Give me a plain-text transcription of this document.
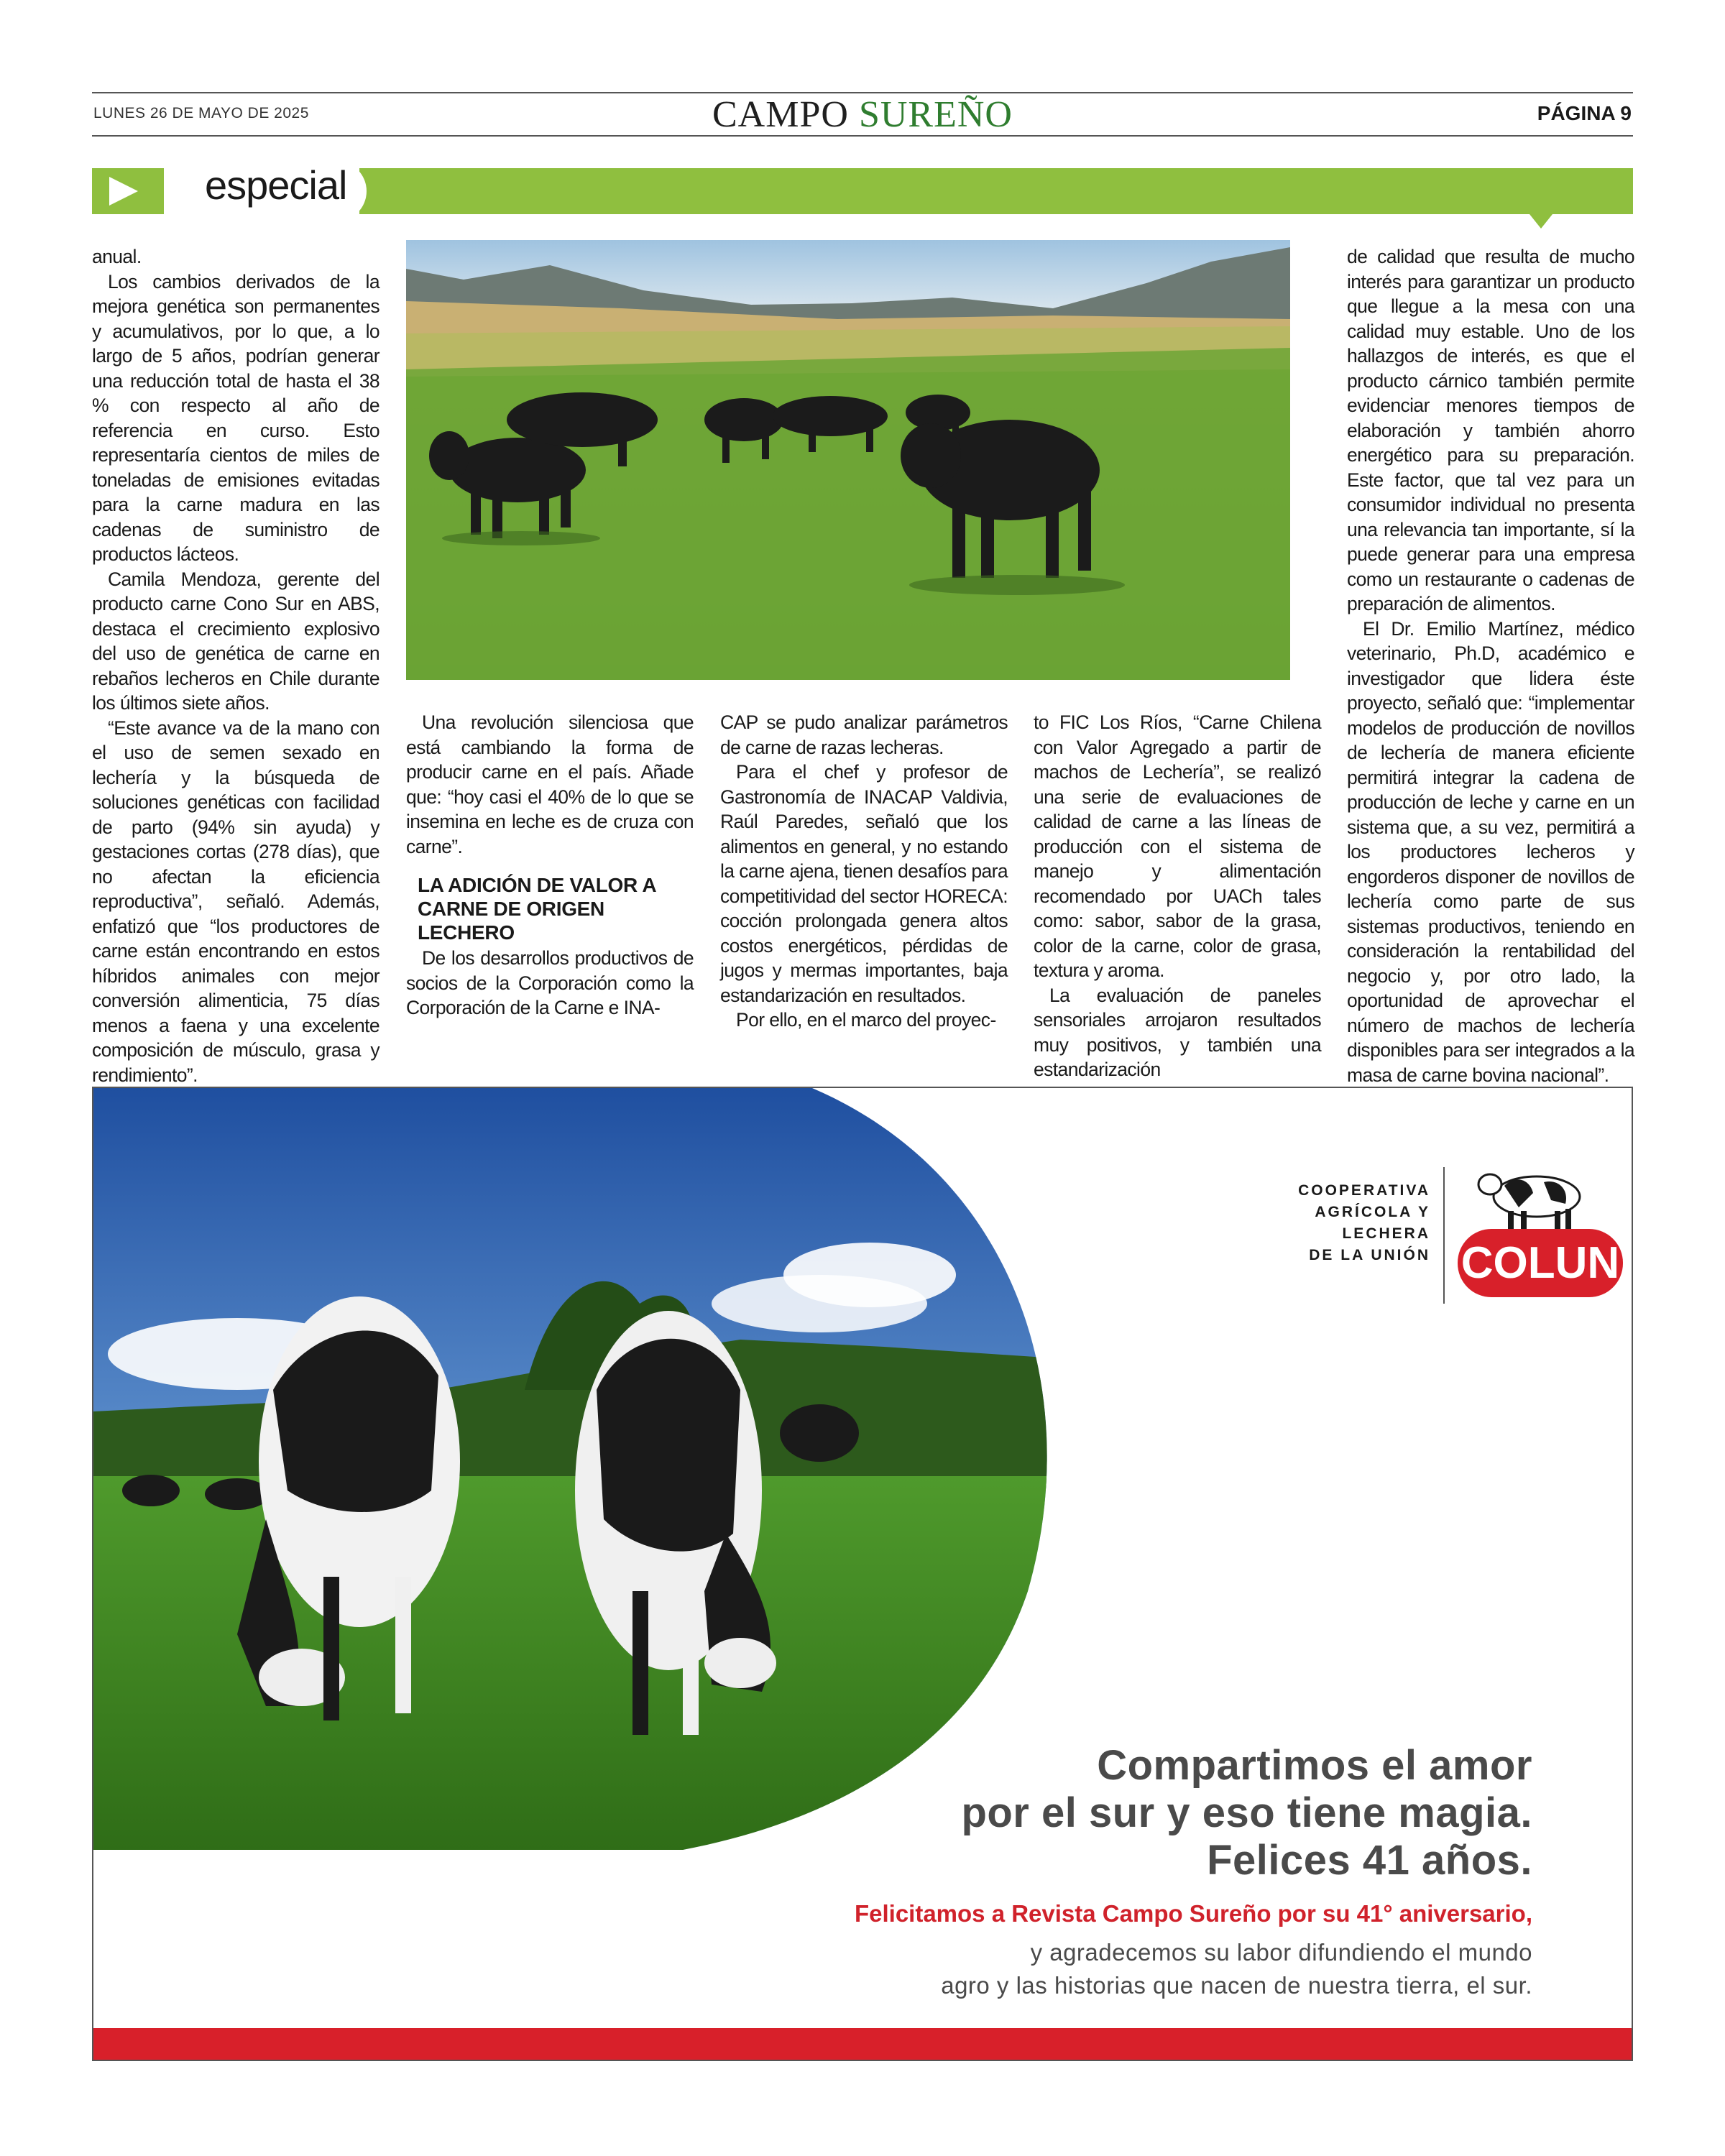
LUNES 26 DE MAYO DE 2025	CAMPO SUREÑO	PÁGINA 9
especial

anual.

Los cambios derivados de la mejora genética son permanentes y acumulativos, por lo que, a lo largo de 5 años, podrían generar una reducción total de hasta el 38 % con respecto al año de referencia en curso. Esto representaría cientos de miles de toneladas de emisiones evitadas para la carne madura en las cadenas de suministro de productos lácteos.

Camila Mendoza, gerente del producto carne Cono Sur en ABS, destaca el crecimiento explosivo del uso de genética de carne en rebaños lecheros en Chile durante los últimos siete años.

“Este avance va de la mano con el uso de semen sexado en lechería y la búsqueda de soluciones genéticas con facilidad de parto (94% sin ayuda) y gestaciones cortas (278 días), que no afectan la eficiencia reproductiva”, señaló. Además, enfatizó que “los productores de carne están encontrando en estos híbridos animales con mejor conversión alimenticia, 75 días menos a faena y una excelente composición de músculo, grasa y rendimiento”.

Una revolución silenciosa que está cambiando la forma de producir carne en el país. Añade que: “hoy casi el 40% de lo que se insemina en leche es de cruza con carne”.

LA ADICIÓN DE VALOR A CARNE DE ORIGEN LECHERO

De los desarrollos productivos de socios de la Corporación como la Corporación de la Carne e INA-

CAP se pudo analizar parámetros de carne de razas lecheras.

Para el chef y profesor de Gastronomía de INACAP Valdivia, Raúl Paredes, señaló que los alimentos en general, y no estando la carne ajena, tienen desafíos para competitividad del sector HORECA: cocción prolongada genera altos costos energéticos, pérdidas de jugos y mermas importantes, baja estandarización en resultados.

Por ello, en el marco del proyec-

to FIC Los Ríos, “Carne Chilena con Valor Agregado a partir de machos de Lechería”, se realizó una serie de evaluaciones de calidad de carne a las líneas de producción con el sistema de manejo y alimentación recomendado por UACh tales como: sabor, sabor de la grasa, color de la carne, color de grasa, textura y aroma.

La evaluación de paneles sensoriales arrojaron resultados muy positivos, y también una estandarización

de calidad que resulta de mucho interés para garantizar un producto que llegue a la mesa con una calidad muy estable. Uno de los hallazgos de interés, es que el producto cárnico también permite evidenciar menores tiempos de elaboración y también ahorro energético para su preparación. Este factor, que tal vez para un consumidor individual no presenta una relevancia tan importante, sí la puede generar para una empresa como un restaurante o cadenas de preparación de alimentos.

El Dr. Emilio Martínez, médico veterinario, Ph.D, académico e investigador que lidera éste proyecto, señaló que: “implementar modelos de producción de novillos de lechería de manera eficiente permitirá integrar la cadena de producción de leche y carne en un sistema que, a su vez, permitirá a los productores lecheros y engorderos disponer de novillos de lechería como parte de sus sistemas productivos, teniendo en consideración la rentabilidad del negocio y, por otro lado, la oportunidad de aprovechar el número de machos de lechería disponibles para ser integrados a la masa de carne bovina nacional”.

COOPERATIVA
AGRÍCOLA Y
LECHERA
DE LA UNIÓN COLUN
Compartimos el amor
por el sur y eso tiene magia.
Felices 41 años.
Felicitamos a Revista Campo Sureño por su 41° aniversario,
y agradecemos su labor difundiendo el mundo
agro y las historias que nacen de nuestra tierra, el sur.
